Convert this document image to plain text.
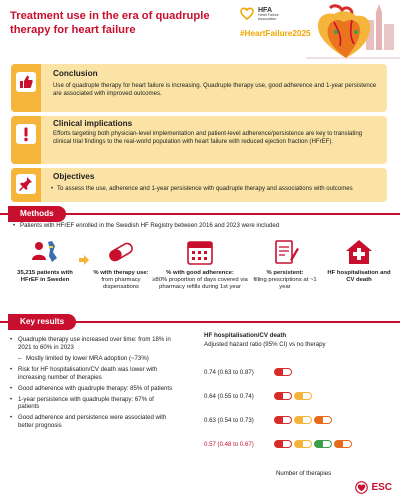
Treatment use in the era of quadruple therapy for heart failure
HFA
Heart Failure
Association
#HeartFailure2025
Conclusion
Use of quadruple therapy for heart failure is increasing. Quadruple therapy use, good adherence and 1-year persistence are associated with improved outcomes.
Clinical implications
Efforts targeting both physician-level implementation and patient-level adherence/persistence are key to translating clinical trial findings to the real-world population with heart failure with reduced ejection fraction (HFrEF).
Objectives
• To assess the use, adherence and 1-year persistence with quadruple therapy and associations with outcomes
Methods
• Patients with HFrEF enrolled in the Swedish HF Registry between 2016 and 2023 were included
35,215 patients with HFrEF in Sweden
% with therapy use:
from pharmacy dispensations
% with good adherence:
≥80% proportion of days covered via pharmacy refills during 1st year
% persistent:
filling prescriptions at ~1 year
HF hospitalisation and CV death
Key results
• Quadruple therapy use increased over time: from 18% in 2021 to 60% in 2023
– Mostly limited by lower MRA adoption (~73%)
• Risk for HF hospitalisation/CV death was lower with increasing number of therapies
• Good adherence with quadruple therapy: 85% of patients
• 1-year persistence with quadruple therapy: 67% of patients
• Good adherence and persistence were associated with better prognosis
HF hospitalisation/CV death
Adjusted hazard ratio (95% CI) vs no therapy
0.74 (0.63 to 0.87)
0.64 (0.55 to 0.74)
0.63 (0.54 to 0.73)
0.57 (0.48 to 0.67)
Number of therapies
ESC
